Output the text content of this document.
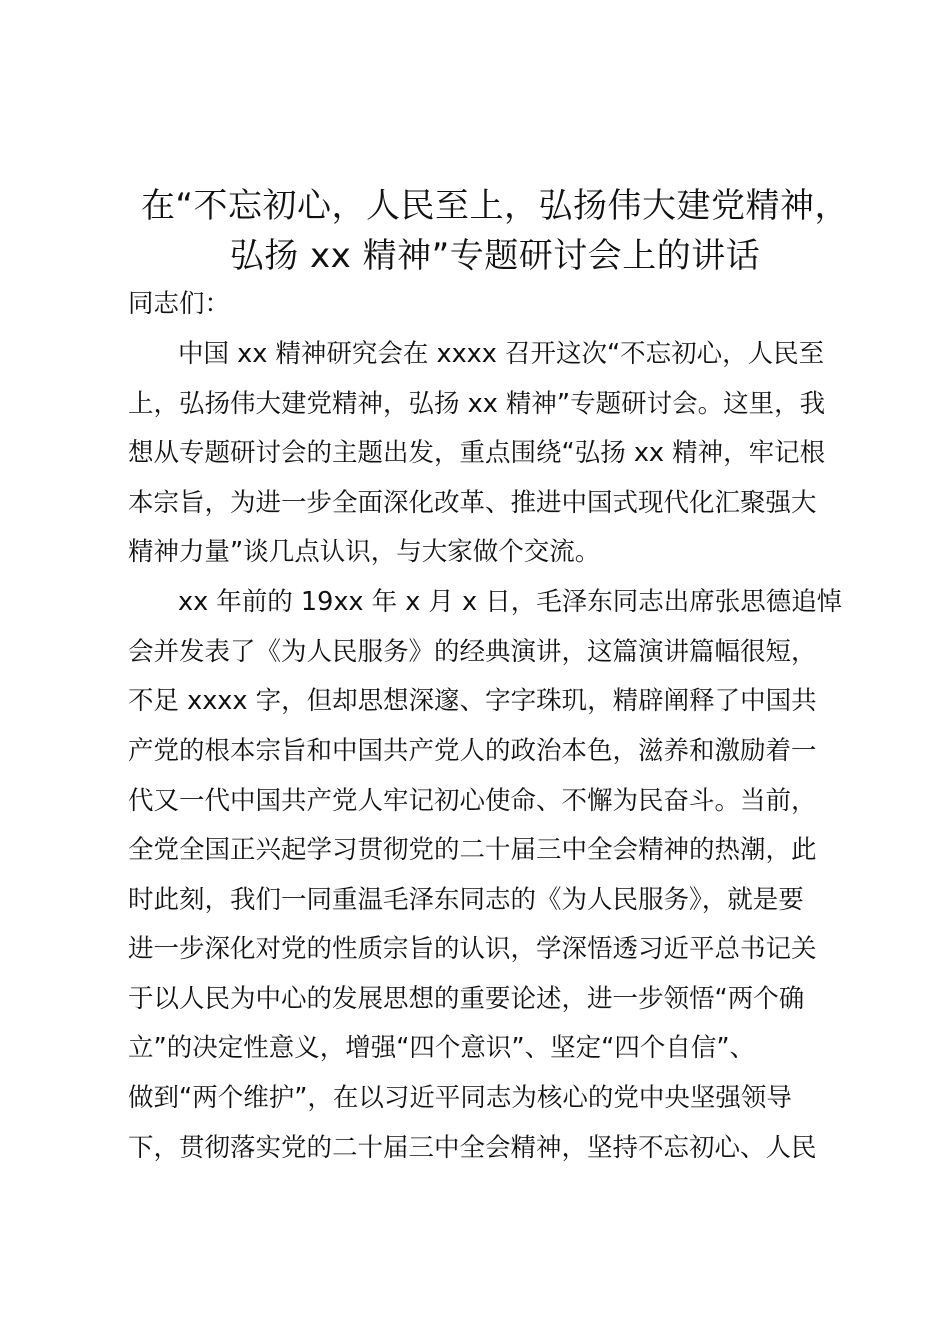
在“不忘初心，人民至上，弘扬伟大建党精神，
弘扬 xx 精神”专题研讨会上的讲话

同志们：

中国 xx 精神研究会在 xxxx 召开这次“不忘初心，人民至

上，弘扬伟大建党精神，弘扬 xx 精神”专题研讨会。这里，我

想从专题研讨会的主题出发，重点围绕“弘扬 xx 精神，牢记根

本宗旨，为进一步全面深化改革、推进中国式现代化汇聚强大

精神力量”谈几点认识，与大家做个交流。

xx 年前的 19xx 年 x 月 x 日，毛泽东同志出席张思德追悼

会并发表了《为人民服务》的经典演讲，这篇演讲篇幅很短，

不足 xxxx 字，但却思想深邃、字字珠玑，精辟阐释了中国共

产党的根本宗旨和中国共产党人的政治本色，滋养和激励着一

代又一代中国共产党人牢记初心使命、不懈为民奋斗。当前，

全党全国正兴起学习贯彻党的二十届三中全会精神的热潮，此

时此刻，我们一同重温毛泽东同志的《为人民服务》，就是要

进一步深化对党的性质宗旨的认识，学深悟透习近平总书记关

于以人民为中心的发展思想的重要论述，进一步领悟“两个确

立”的决定性意义，增强“四个意识”、坚定“四个自信”、

做到“两个维护”，在以习近平同志为核心的党中央坚强领导

下，贯彻落实党的二十届三中全会精神，坚持不忘初心、人民
